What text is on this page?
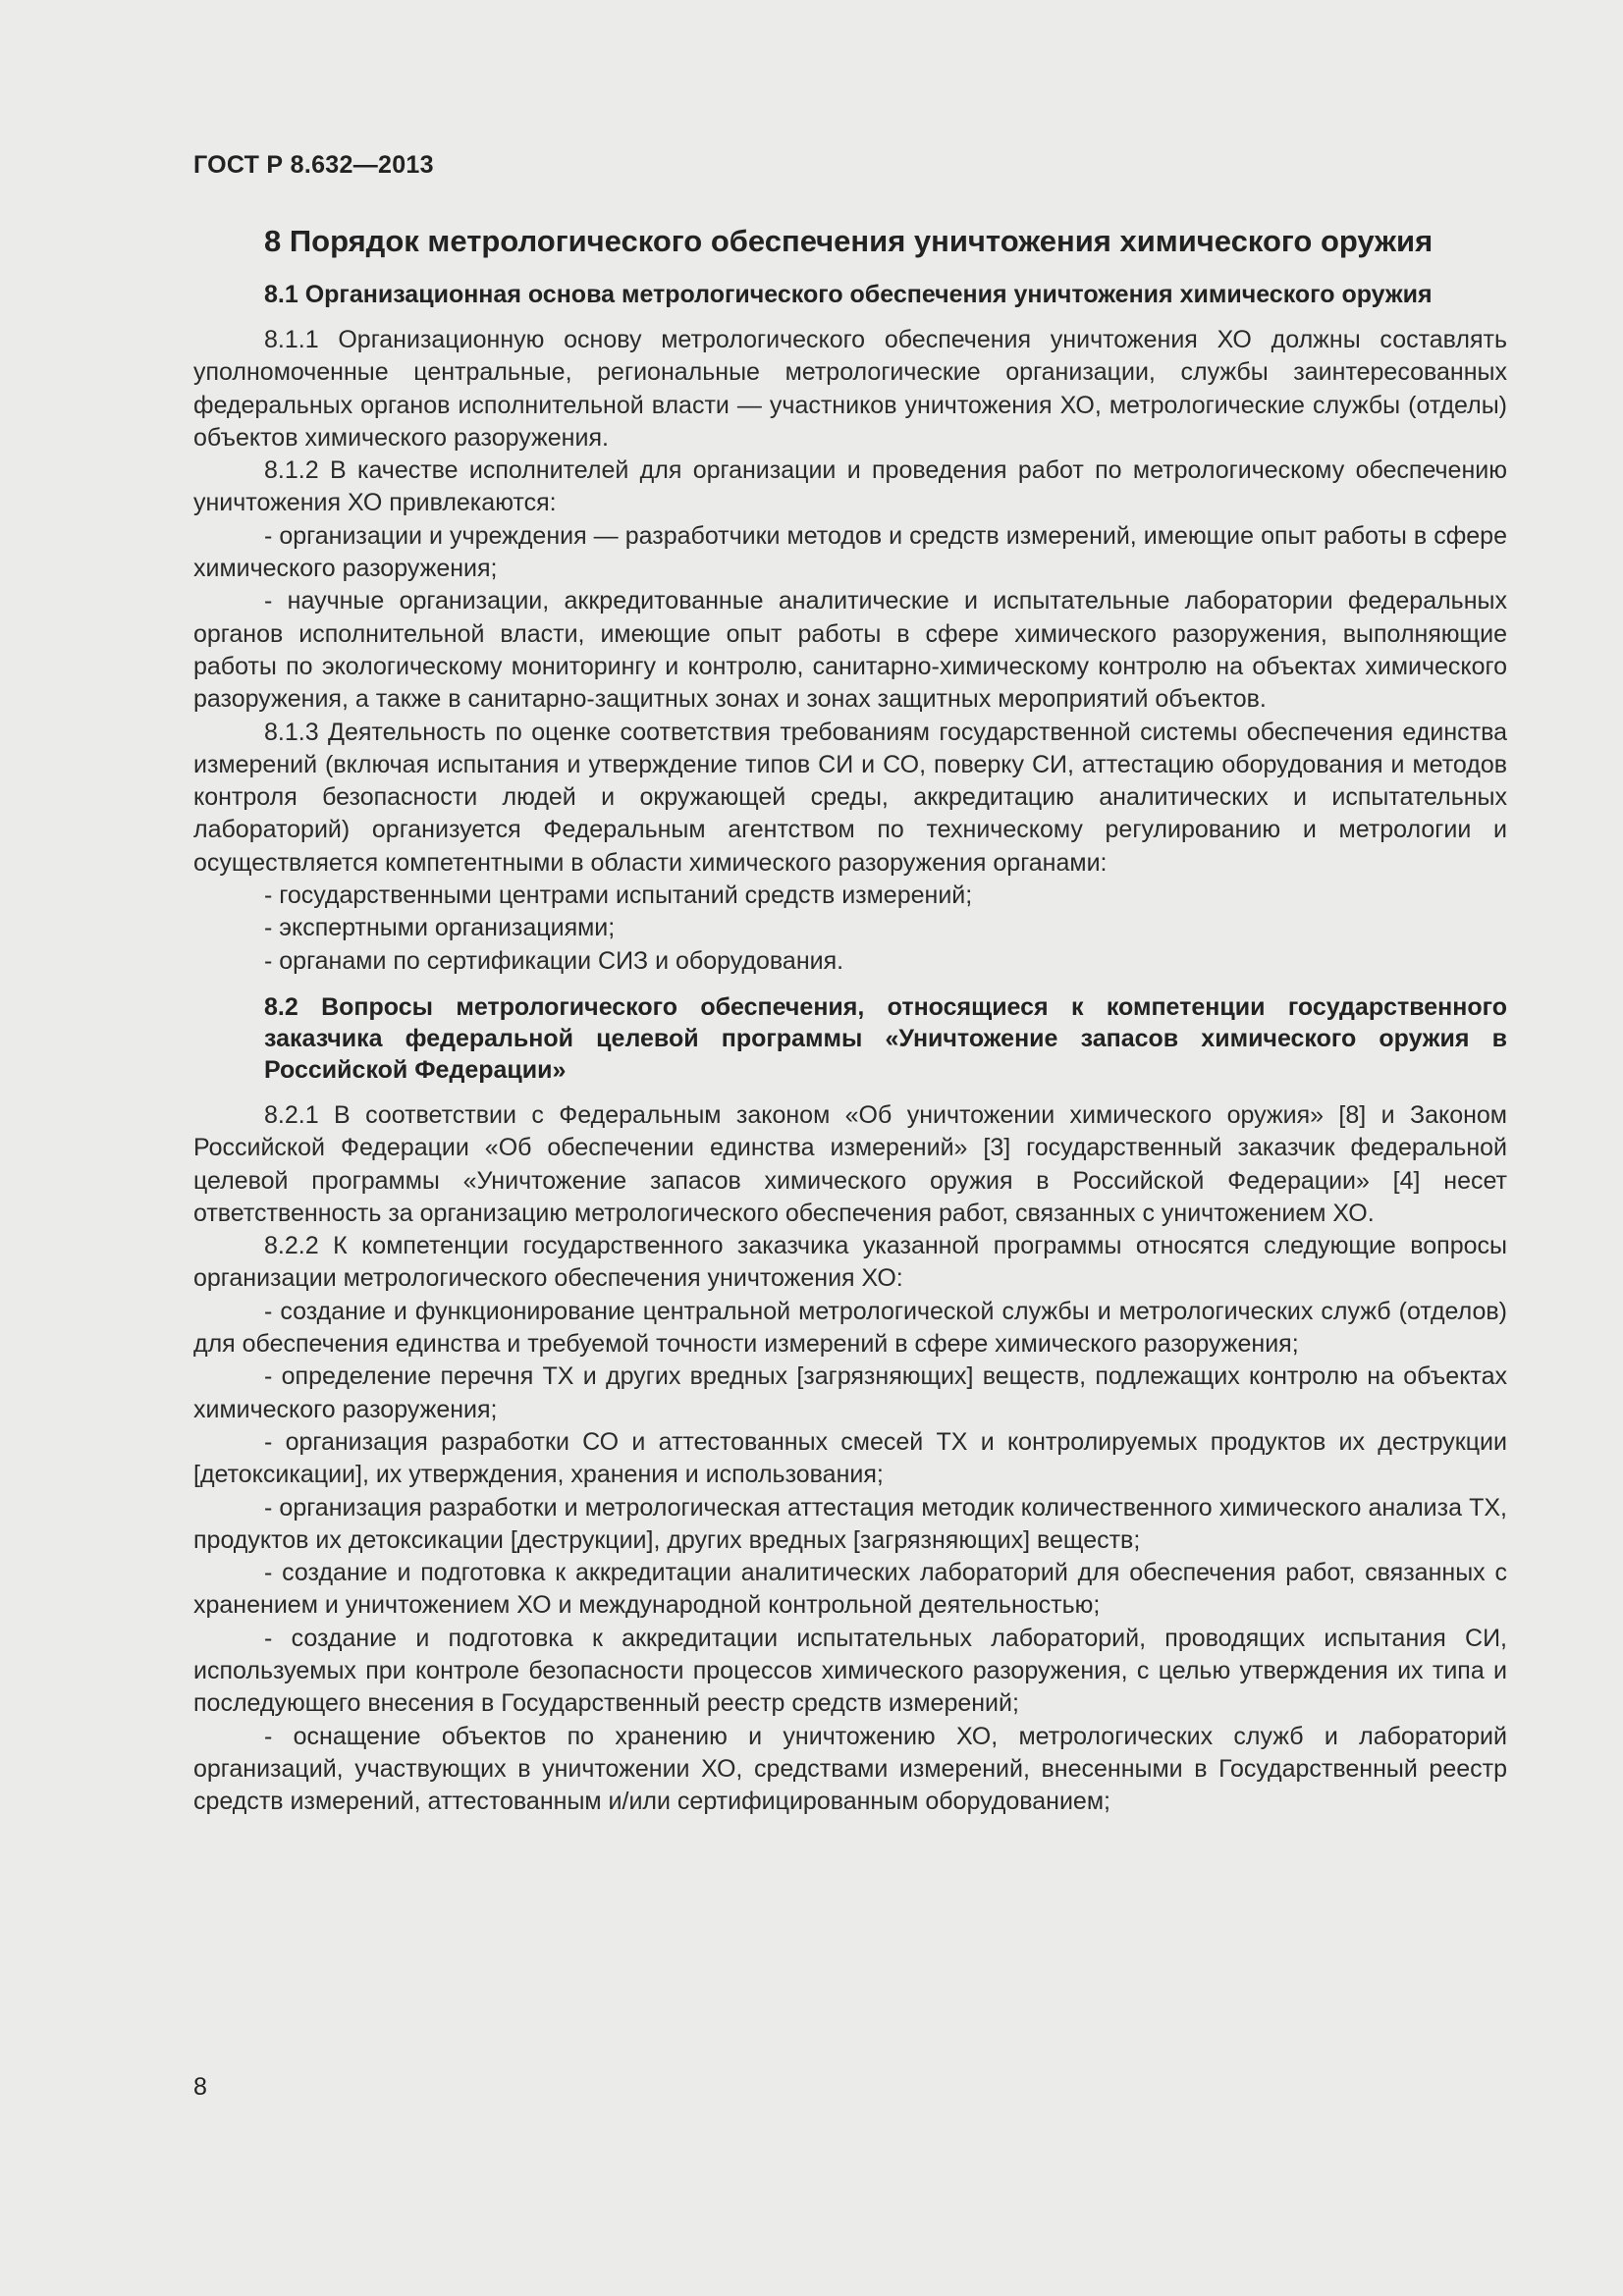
ГОСТ Р 8.632—2013
8 Порядок метрологического обеспечения уничтожения химического оружия
8.1 Организационная основа метрологического обеспечения уничтожения химического оружия

8.1.1 Организационную основу метрологического обеспечения уничтожения ХО должны составлять уполномоченные центральные, региональные метрологические организации, службы заинтересованных федеральных органов исполнительной власти — участников уничтожения ХО, метрологические службы (отделы) объектов химического разоружения.

8.1.2 В качестве исполнителей для организации и проведения работ по метрологическому обеспечению уничтожения ХО привлекаются:

- организации и учреждения — разработчики методов и средств измерений, имеющие опыт работы в сфере химического разоружения;

- научные организации, аккредитованные аналитические и испытательные лаборатории федеральных органов исполнительной власти, имеющие опыт работы в сфере химического разоружения, выполняющие работы по экологическому мониторингу и контролю, санитарно-химическому контролю на объектах химического разоружения, а также в санитарно-защитных зонах и зонах защитных мероприятий объектов.

8.1.3 Деятельность по оценке соответствия требованиям государственной системы обеспечения единства измерений (включая испытания и утверждение типов СИ и СО, поверку СИ, аттестацию оборудования и методов контроля безопасности людей и окружающей среды, аккредитацию аналитических и испытательных лабораторий) организуется Федеральным агентством по техническому регулированию и метрологии и осуществляется компетентными в области химического разоружения органами:

- государственными центрами испытаний средств измерений;

- экспертными организациями;

- органами по сертификации СИЗ и оборудования.

8.2 Вопросы метрологического обеспечения, относящиеся к компетенции государственного заказчика федеральной целевой программы «Уничтожение запасов химического оружия в Российской Федерации»

8.2.1 В соответствии с Федеральным законом «Об уничтожении химического оружия» [8] и Законом Российской Федерации «Об обеспечении единства измерений» [3] государственный заказчик федеральной целевой программы «Уничтожение запасов химического оружия в Российской Федерации» [4] несет ответственность за организацию метрологического обеспечения работ, связанных с уничтожением ХО.

8.2.2 К компетенции государственного заказчика указанной программы относятся следующие вопросы организации метрологического обеспечения уничтожения ХО:

- создание и функционирование центральной метрологической службы и метрологических служб (отделов) для обеспечения единства и требуемой точности измерений в сфере химического разоружения;

- определение перечня ТХ и других вредных [загрязняющих] веществ, подлежащих контролю на объектах химического разоружения;

- организация разработки СО и аттестованных смесей ТХ и контролируемых продуктов их деструкции [детоксикации], их утверждения, хранения и использования;

- организация разработки и метрологическая аттестация методик количественного химического анализа ТХ, продуктов их детоксикации [деструкции], других вредных [загрязняющих] веществ;

- создание и подготовка к аккредитации аналитических лабораторий для обеспечения работ, связанных с хранением и уничтожением ХО и международной контрольной деятельностью;

- создание и подготовка к аккредитации испытательных лабораторий, проводящих испытания СИ, используемых при контроле безопасности процессов химического разоружения, с целью утверждения их типа и последующего внесения в Государственный реестр средств измерений;

- оснащение объектов по хранению и уничтожению ХО, метрологических служб и лабораторий организаций, участвующих в уничтожении ХО, средствами измерений, внесенными в Государственный реестр средств измерений, аттестованным и/или сертифицированным оборудованием;

8
